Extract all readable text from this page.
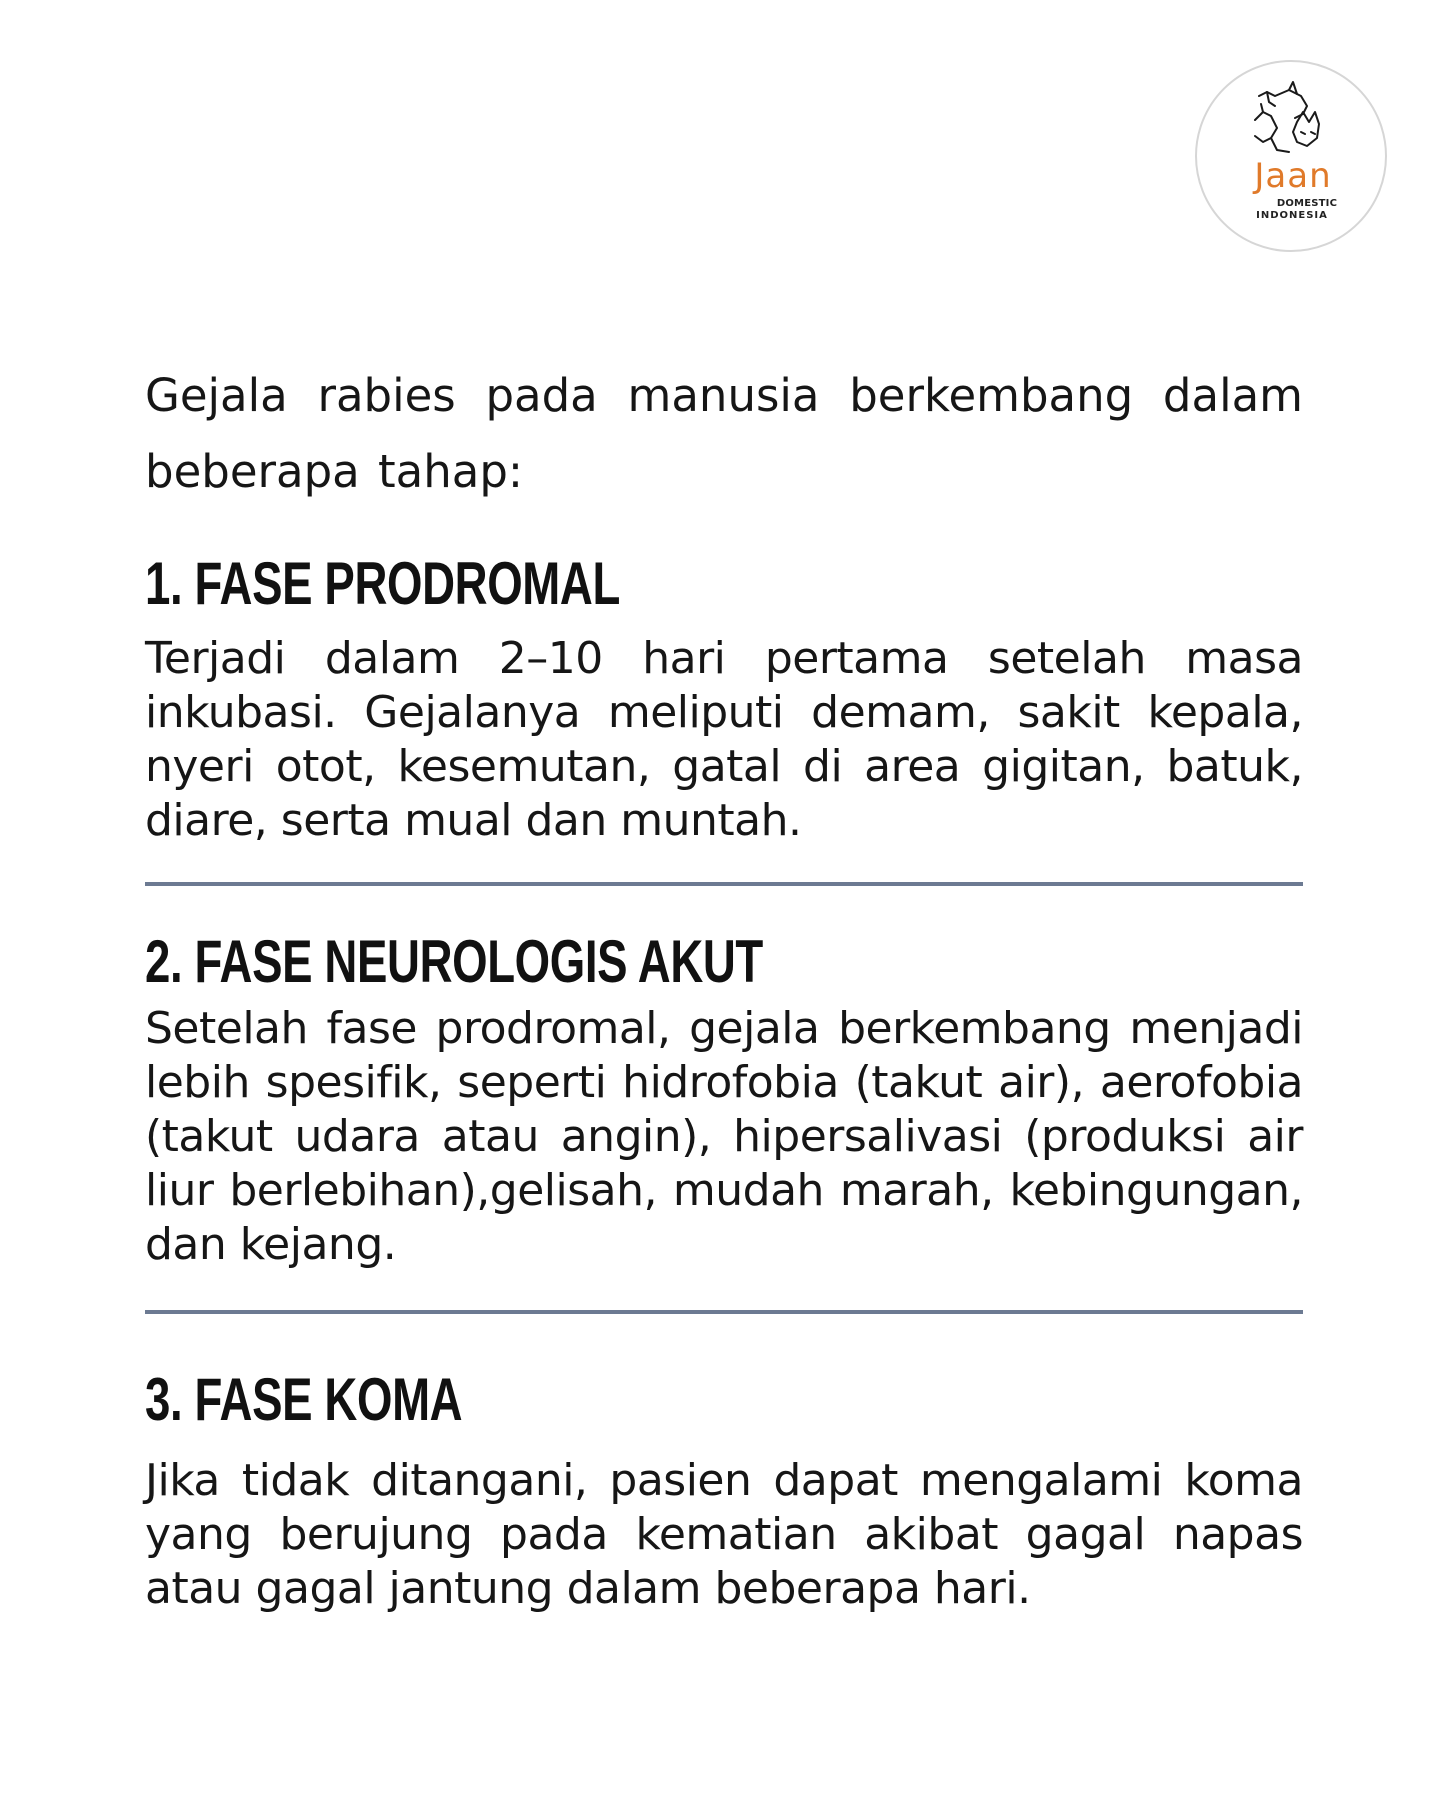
Jaan
DOMESTIC
INDONESIA

Gejala rabies pada manusia berkembang dalam beberapa tahap:

1. FASE PRODROMAL

Terjadi dalam 2–10 hari pertama setelah masa inkubasi. Gejalanya meliputi demam, sakit kepala, nyeri otot, kesemutan, gatal di area gigitan, batuk, diare, serta mual dan muntah.

2. FASE NEUROLOGIS AKUT

Setelah fase prodromal, gejala berkembang menjadi lebih spesifik, seperti hidrofobia (takut air), aerofobia (takut udara atau angin), hipersalivasi (produksi air liur berlebihan),gelisah, mudah marah, kebingungan, dan kejang.

3. FASE KOMA

Jika tidak ditangani, pasien dapat mengalami koma yang berujung pada kematian akibat gagal napas atau gagal jantung dalam beberapa hari.
